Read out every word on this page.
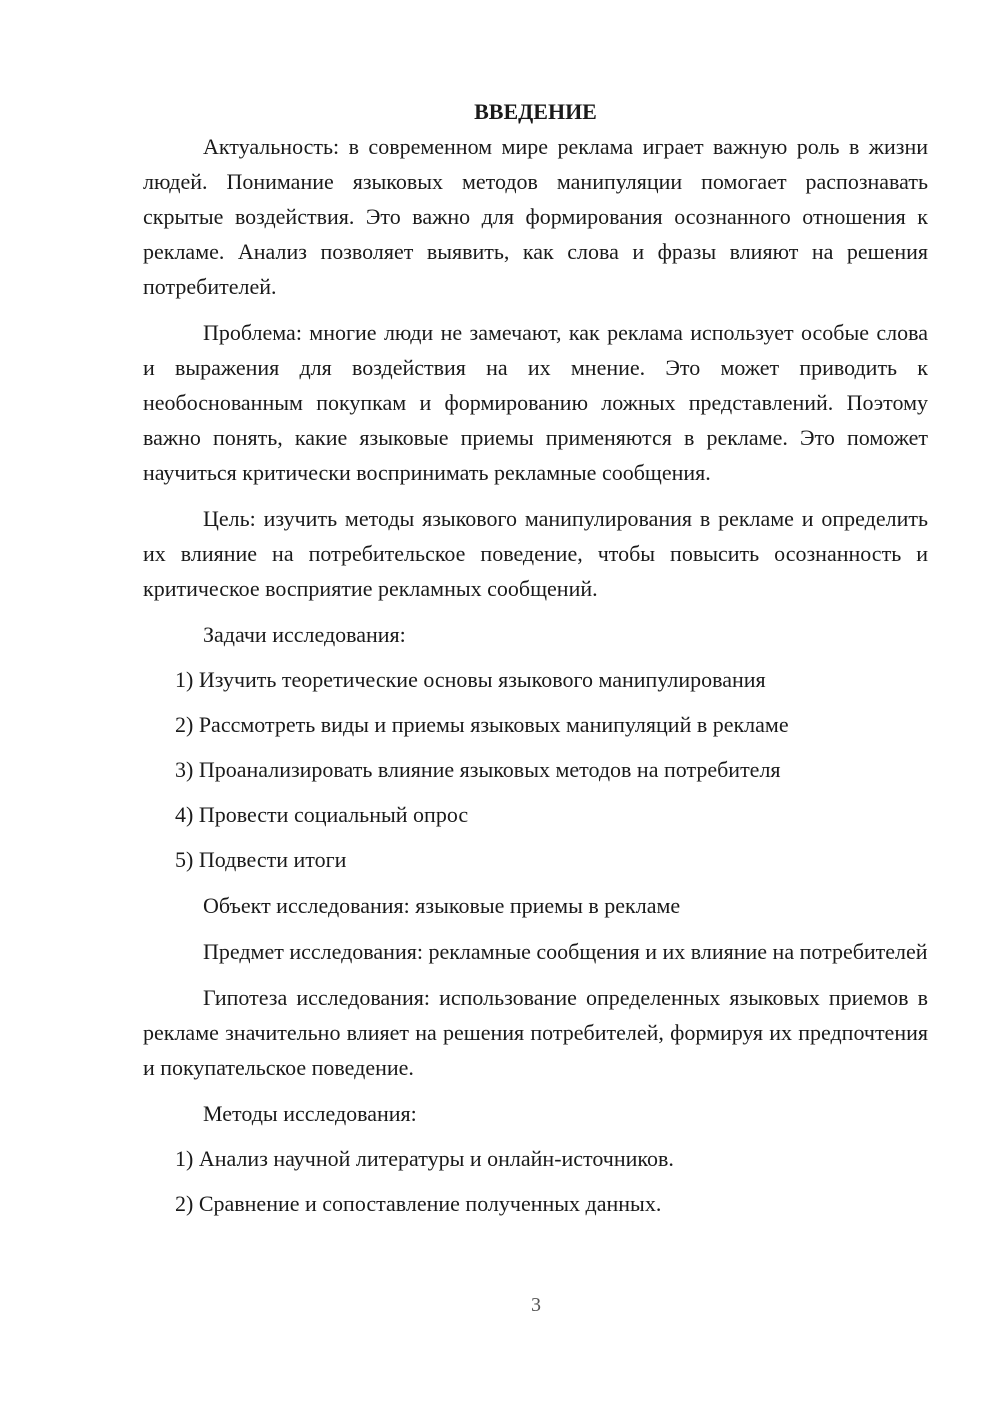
ВВЕДЕНИЕ

Актуальность: в современном мире реклама играет важную роль в жизни людей. Понимание языковых методов манипуляции помогает распознавать скрытые воздействия. Это важно для формирования осознанного отношения к рекламе. Анализ позволяет выявить, как слова и фразы влияют на решения потребителей.

Проблема: многие люди не замечают, как реклама использует особые слова и выражения для воздействия на их мнение. Это может приводить к необоснованным покупкам и формированию ложных представлений. Поэтому важно понять, какие языковые приемы применяются в рекламе. Это поможет научиться критически воспринимать рекламные сообщения.

Цель: изучить методы языкового манипулирования в рекламе и определить их влияние на потребительское поведение, чтобы повысить осознанность и критическое восприятие рекламных сообщений.

Задачи исследования:

1) Изучить теоретические основы языкового манипулирования
2) Рассмотреть виды и приемы языковых манипуляций в рекламе
3) Проанализировать влияние языковых методов на потребителя
4) Провести социальный опрос
5) Подвести итоги

Объект исследования: языковые приемы в рекламе

Предмет исследования: рекламные сообщения и их влияние на потребителей

Гипотеза исследования: использование определенных языковых приемов в рекламе значительно влияет на решения потребителей, формируя их предпочтения и покупательское поведение.

Методы исследования:

1) Анализ научной литературы и онлайн-источников.
2) Сравнение и сопоставление полученных данных.
3
